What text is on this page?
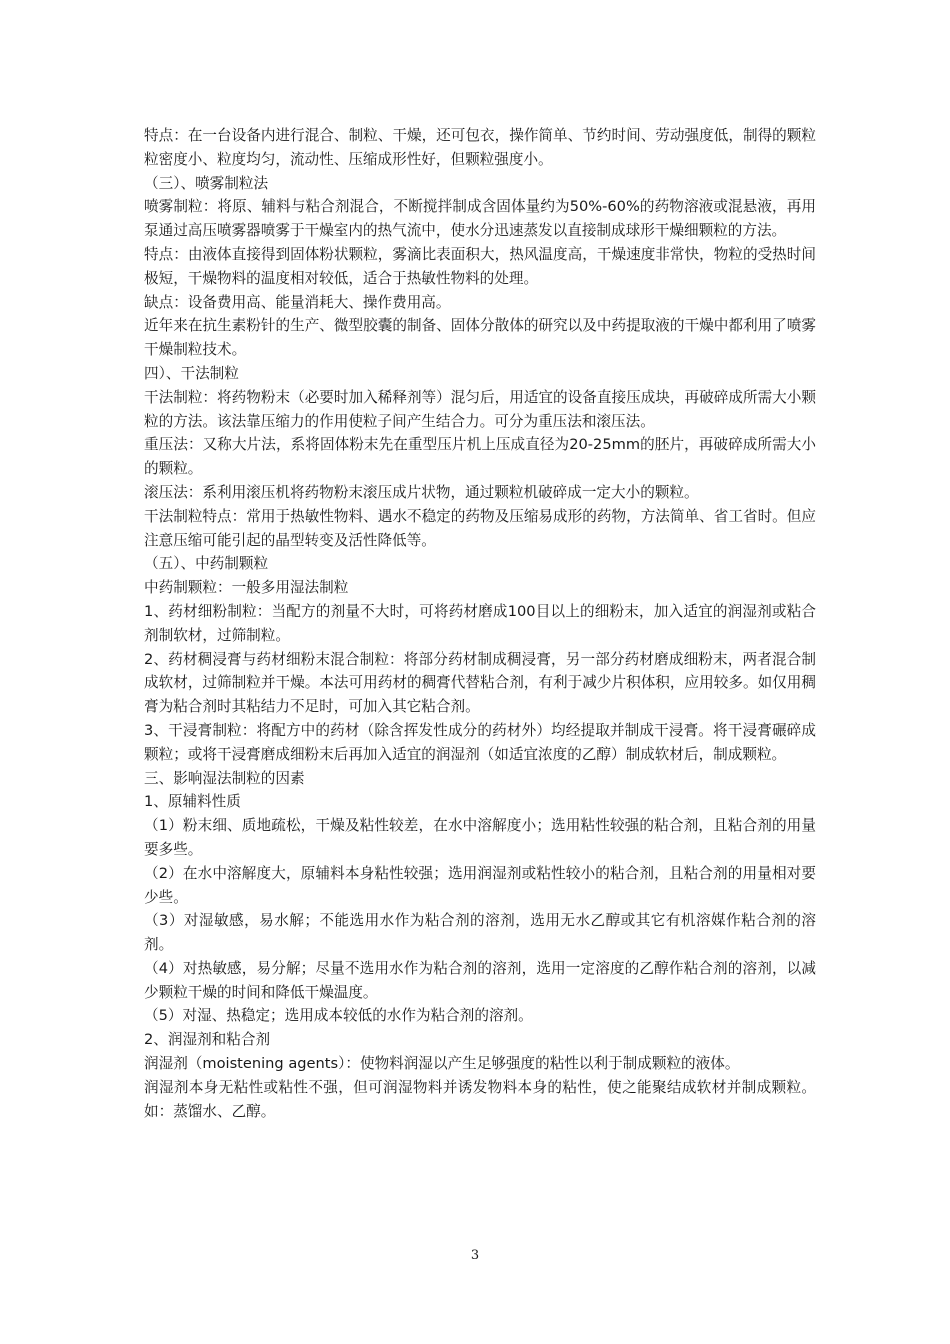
特点：在一台设备内进行混合、制粒、干燥，还可包衣，操作简单、节约时间、劳动强度低，制得的颗粒粒密度小、粒度均匀，流动性、压缩成形性好，但颗粒强度小。

（三）、喷雾制粒法

喷雾制粒：将原、辅料与粘合剂混合，不断搅拌制成含固体量约为50%-60%的药物溶液或混悬液，再用泵通过高压喷雾器喷雾于干燥室内的热气流中，使水分迅速蒸发以直接制成球形干燥细颗粒的方法。

特点：由液体直接得到固体粉状颗粒，雾滴比表面积大，热风温度高，干燥速度非常快，物粒的受热时间极短，干燥物料的温度相对较低，适合于热敏性物料的处理。

缺点：设备费用高、能量消耗大、操作费用高。

近年来在抗生素粉针的生产、微型胶囊的制备、固体分散体的研究以及中药提取液的干燥中都利用了喷雾干燥制粒技术。

四）、干法制粒

干法制粒：将药物粉末（必要时加入稀释剂等）混匀后，用适宜的设备直接压成块，再破碎成所需大小颗粒的方法。该法靠压缩力的作用使粒子间产生结合力。可分为重压法和滚压法。

重压法：又称大片法，系将固体粉末先在重型压片机上压成直径为20-25mm的胚片，再破碎成所需大小的颗粒。

滚压法：系利用滚压机将药物粉末滚压成片状物，通过颗粒机破碎成一定大小的颗粒。

干法制粒特点：常用于热敏性物料、遇水不稳定的药物及压缩易成形的药物，方法简单、省工省时。但应注意压缩可能引起的晶型转变及活性降低等。

（五）、中药制颗粒

中药制颗粒：一般多用湿法制粒

1、药材细粉制粒：当配方的剂量不大时，可将药材磨成100目以上的细粉末，加入适宜的润湿剂或粘合剂制软材，过筛制粒。

2、药材稠浸膏与药材细粉末混合制粒：将部分药材制成稠浸膏，另一部分药材磨成细粉末，两者混合制成软材，过筛制粒并干燥。本法可用药材的稠膏代替粘合剂，有利于减少片积体积，应用较多。如仅用稠膏为粘合剂时其粘结力不足时，可加入其它粘合剂。

3、干浸膏制粒：将配方中的药材（除含挥发性成分的药材外）均经提取并制成干浸膏。将干浸膏碾碎成颗粒；或将干浸膏磨成细粉末后再加入适宜的润湿剂（如适宜浓度的乙醇）制成软材后，制成颗粒。

三、影响湿法制粒的因素

1、原辅料性质

（1）粉末细、质地疏松，干燥及粘性较差，在水中溶解度小；选用粘性较强的粘合剂，且粘合剂的用量要多些。

（2）在水中溶解度大，原辅料本身粘性较强；选用润湿剂或粘性较小的粘合剂，且粘合剂的用量相对要少些。

（3）对湿敏感，易水解；不能选用水作为粘合剂的溶剂，选用无水乙醇或其它有机溶媒作粘合剂的溶剂。

（4）对热敏感，易分解；尽量不选用水作为粘合剂的溶剂，选用一定溶度的乙醇作粘合剂的溶剂，以减少颗粒干燥的时间和降低干燥温度。

（5）对湿、热稳定；选用成本较低的水作为粘合剂的溶剂。

2、润湿剂和粘合剂

润湿剂（moistening agents）：使物料润湿以产生足够强度的粘性以利于制成颗粒的液体。

润湿剂本身无粘性或粘性不强，但可润湿物料并诱发物料本身的粘性，使之能聚结成软材并制成颗粒。如：蒸馏水、乙醇。

3
